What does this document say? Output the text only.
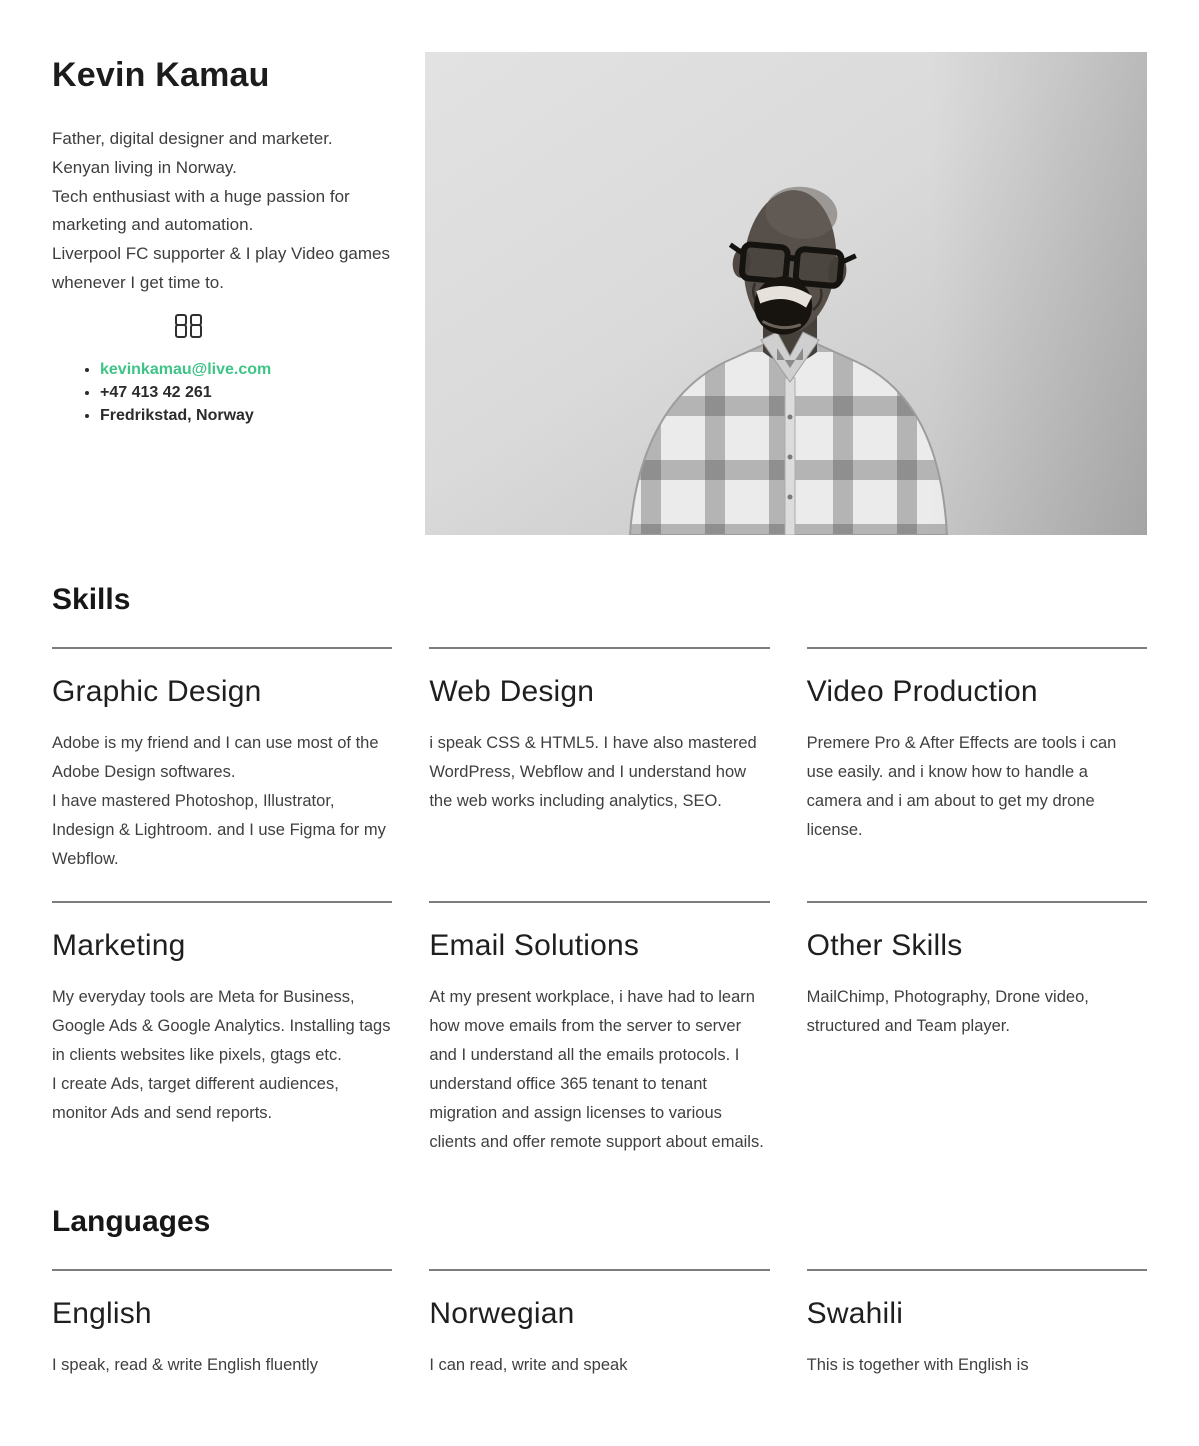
Kevin Kamau

Father, digital designer and marketer.

Kenyan living in Norway.

Tech enthusiast with a huge passion for marketing and automation.

Liverpool FC supporter & I play Video games whenever I get time to.

• kevinkamau@live.com
• +47 413 42 261
• Fredrikstad, Norway
Skills
Graphic Design

Adobe is my friend and I can use most of the Adobe Design softwares.

I have mastered Photoshop, Illustrator, Indesign & Lightroom. and I use Figma for my Webflow.

Web Design

i speak CSS & HTML5. I have also mastered WordPress, Webflow and I understand how the web works including analytics, SEO.

Video Production

Premere Pro & After Effects are tools i can use easily. and i know how to handle a camera and i am about to get my drone license.

Marketing

My everyday tools are Meta for Business, Google Ads & Google Analytics. Installing tags in clients websites like pixels, gtags etc.

I create Ads, target different audiences, monitor Ads and send reports.

Email Solutions

At my present workplace, i have had to learn how move emails from the server to server and I understand all the emails protocols. I understand office 365 tenant to tenant migration and assign licenses to various clients and offer remote support about emails.

Other Skills

MailChimp, Photography, Drone video, structured and Team player.

Languages
English

I speak, read & write English fluently

Norwegian

I can read, write and speak

Swahili

This is together with English is
